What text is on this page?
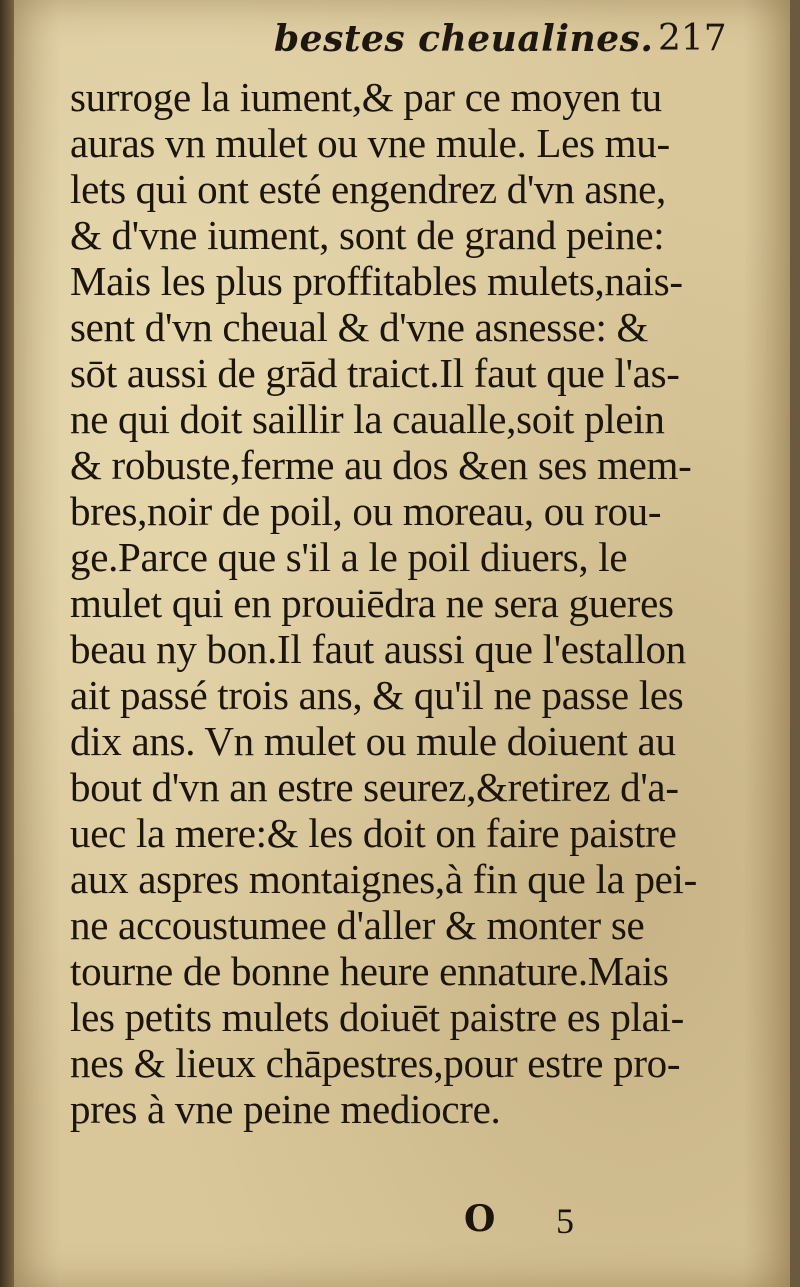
bestes cheualines. 217
surroge la iument,& par ce moyen tu
auras vn mulet ou vne mule. Les mu-
lets qui ont esté engendrez d'vn asne,
& d'vne iument, sont de grand peine:
Mais les plus proffitables mulets,nais-
sent d'vn cheual & d'vne asnesse: &
sōt aussi de grād traict.Il faut que l'as-
ne qui doit saillir la caualle,soit plein
& robuste,ferme au dos &en ses mem-
bres,noir de poil, ou moreau, ou rou-
ge.Parce que s'il a le poil diuers, le
mulet qui en prouiēdra ne sera gueres
beau ny bon.Il faut aussi que l'estallon
ait passé trois ans, & qu'il ne passe les
dix ans. Vn mulet ou mule doiuent au
bout d'vn an estre seurez,&retirez d'a-
uec la mere:& les doit on faire paistre
aux aspres montaignes,à fin que la pei-
ne accoustumee d'aller & monter se
tourne de bonne heure ennature.Mais
les petits mulets doiuēt paistre es plai-
nes & lieux chāpestres,pour estre pro-
pres à vne peine mediocre.
O 5
